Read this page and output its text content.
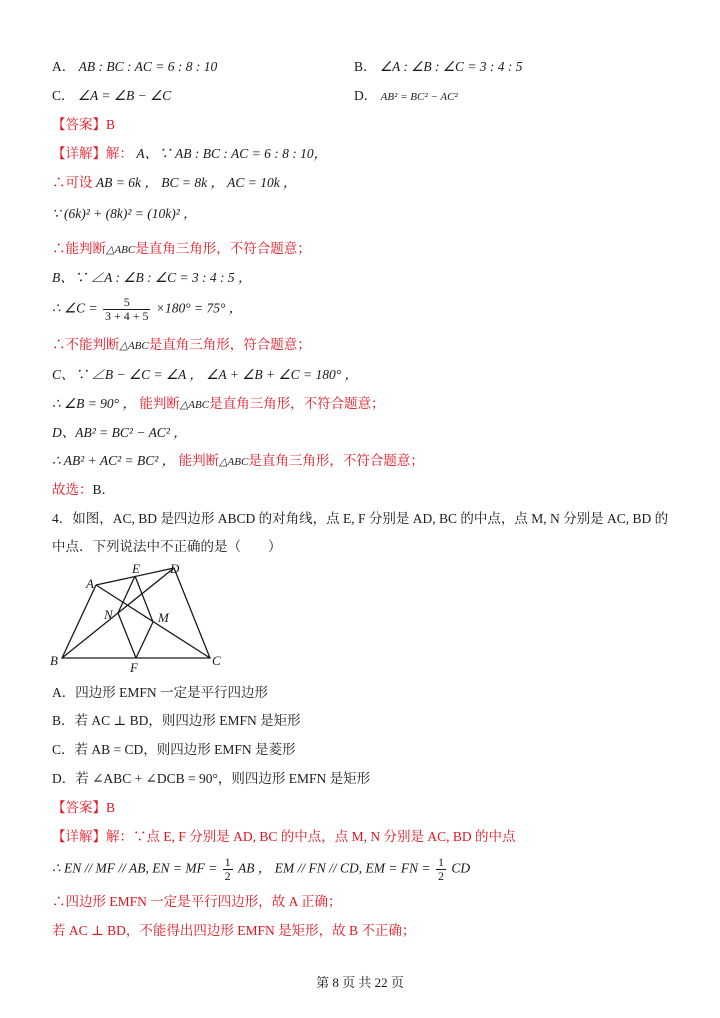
A． AB : BC : AC = 6 : 8 : 10	B． ∠A : ∠B : ∠C = 3 : 4 : 5
C． ∠A = ∠B − ∠C	D． AB² = BC² − AC²
【答案】B
【详解】解： A、∵ AB : BC : AC = 6 : 8 : 10，
∴可设 AB = 6k ， BC = 8k ， AC = 10k ，
∵ (6k)² + (8k)² = (10k)² ，
∴能判断△ABC是直角三角形，不符合题意；
B、∵ ∠A : ∠B : ∠C = 3 : 4 : 5 ，
∴ ∠C = $\frac{5}{3 + 4 + 5} \times 180^\circ = 75^\circ$ ，
∴不能判断△ABC是直角三角形，符合题意；
C、∵ ∠B − ∠C = ∠A ， ∠A + ∠B + ∠C = 180° ，
∴ ∠B = 90° ， 能判断△ABC是直角三角形，不符合题意；
D、AB² = BC² − AC² ，
∴ AB² + AC² = BC² ， 能判断△ABC是直角三角形，不符合题意；
故选：B．
4．如图，AC, BD 是四边形 ABCD 的对角线，点 E, F 分别是 AD, BC 的中点，点 M, N 分别是 AC, BD 的
中点．下列说法中不正确的是（　　）
A
E D
N	M
B	F	C
A．四边形 EMFN 一定是平行四边形
B．若 AC ⊥ BD，则四边形 EMFN 是矩形
C．若 AB = CD，则四边形 EMFN 是菱形
D．若 ∠ABC + ∠DCB = 90°，则四边形 EMFN 是矩形
【答案】B
【详解】解：∵点 E, F 分别是 AD, BC 的中点，点 M, N 分别是 AC, BD 的中点
∴ EN // MF // AB, EN = MF = $\frac{1}{2}$ AB ， EM // FN // CD, EM = FN = $\frac{1}{2}$ CD
∴四边形 EMFN 一定是平行四边形，故 A 正确；
若 AC ⊥ BD，不能得出四边形 EMFN 是矩形，故 B 不正确；
第 8 页 共 22 页
